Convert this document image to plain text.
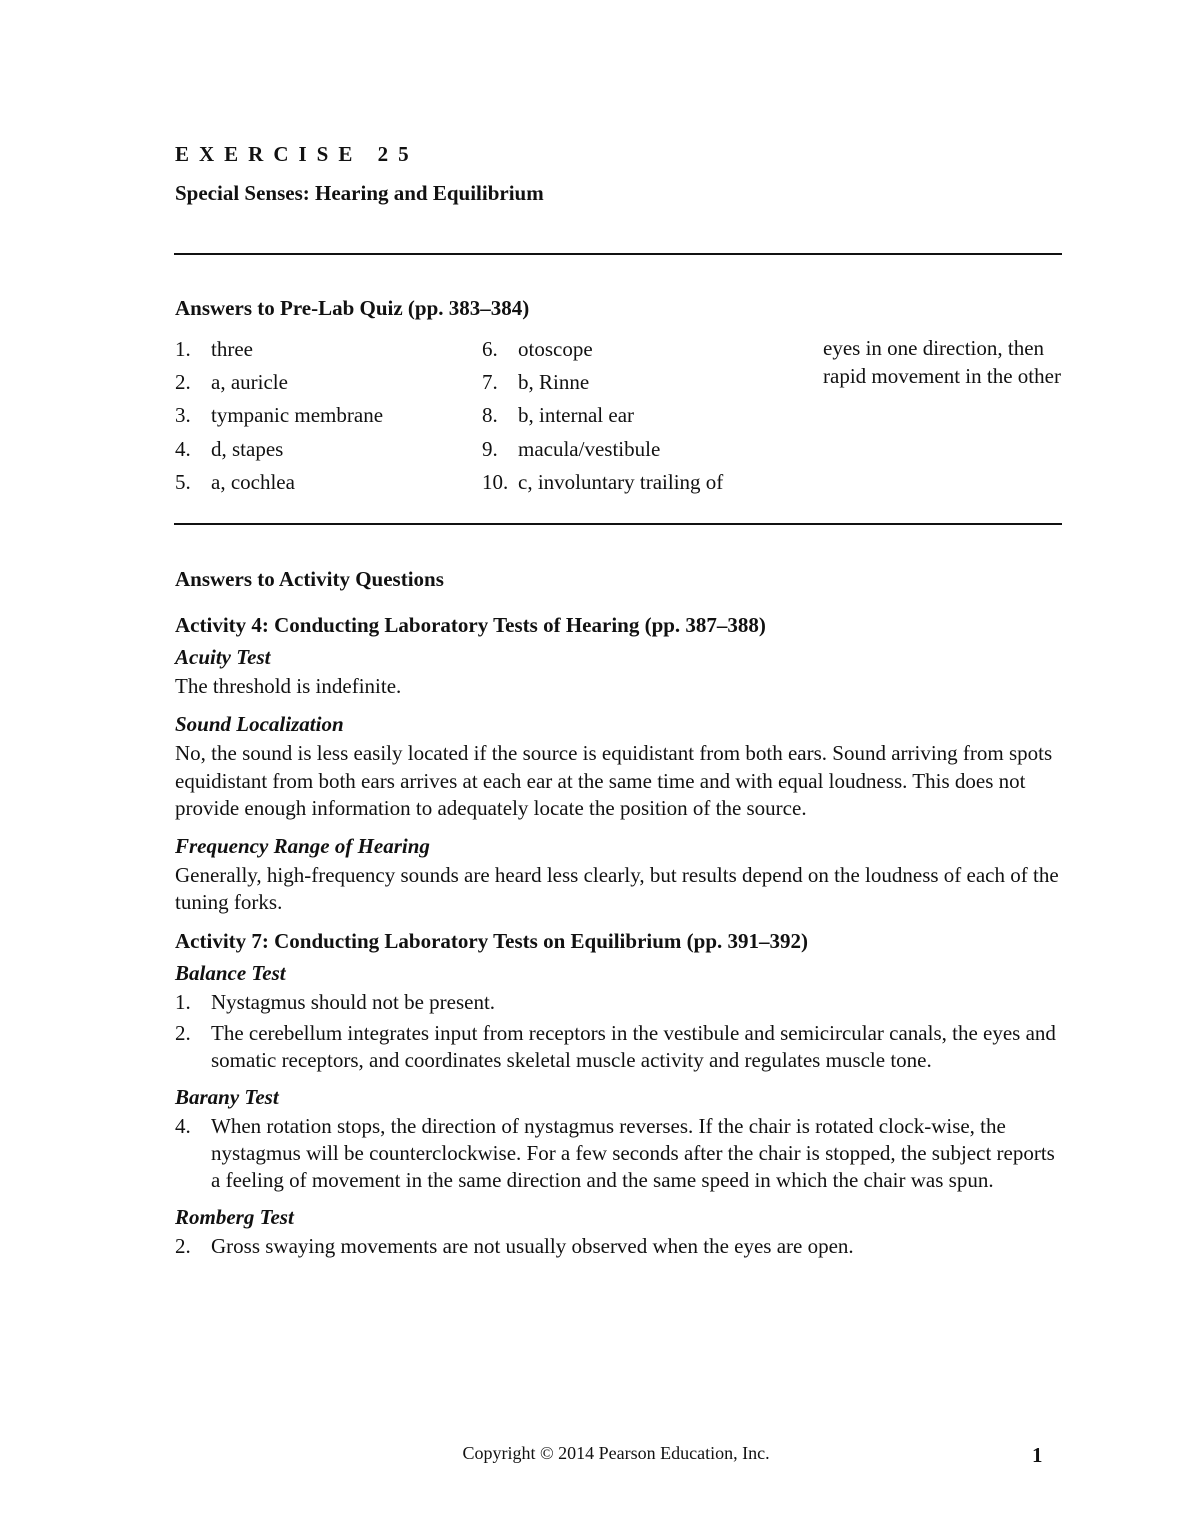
EXERCISE 25
Special Senses: Hearing and Equilibrium
Answers to Pre-Lab Quiz (pp. 383–384)
1. three
2. a, auricle
3. tympanic membrane
4. d, stapes
5. a, cochlea
6. otoscope
7. b, Rinne
8. b, internal ear
9. macula/vestibule
10. c, involuntary trailing of
eyes in one direction, then rapid movement in the other
Answers to Activity Questions

Activity 4: Conducting Laboratory Tests of Hearing (pp. 387–388)

Acuity Test

The threshold is indefinite.

Sound Localization

No, the sound is less easily located if the source is equidistant from both ears. Sound arriving from spots equidistant from both ears arrives at each ear at the same time and with equal loudness. This does not provide enough information to adequately locate the position of the source.

Frequency Range of Hearing

Generally, high-frequency sounds are heard less clearly, but results depend on the loudness of each of the tuning forks.

Activity 7: Conducting Laboratory Tests on Equilibrium (pp. 391–392)

Balance Test

1. Nystagmus should not be present.
2. The cerebellum integrates input from receptors in the vestibule and semicircular canals, the eyes and somatic receptors, and coordinates skeletal muscle activity and regulates muscle tone.

Barany Test

4. When rotation stops, the direction of nystagmus reverses. If the chair is rotated clock-wise, the nystagmus will be counterclockwise. For a few seconds after the chair is stopped, the subject reports a feeling of movement in the same direction and the same speed in which the chair was spun.

Romberg Test

2. Gross swaying movements are not usually observed when the eyes are open.
Copyright © 2014 Pearson Education, Inc.	1
